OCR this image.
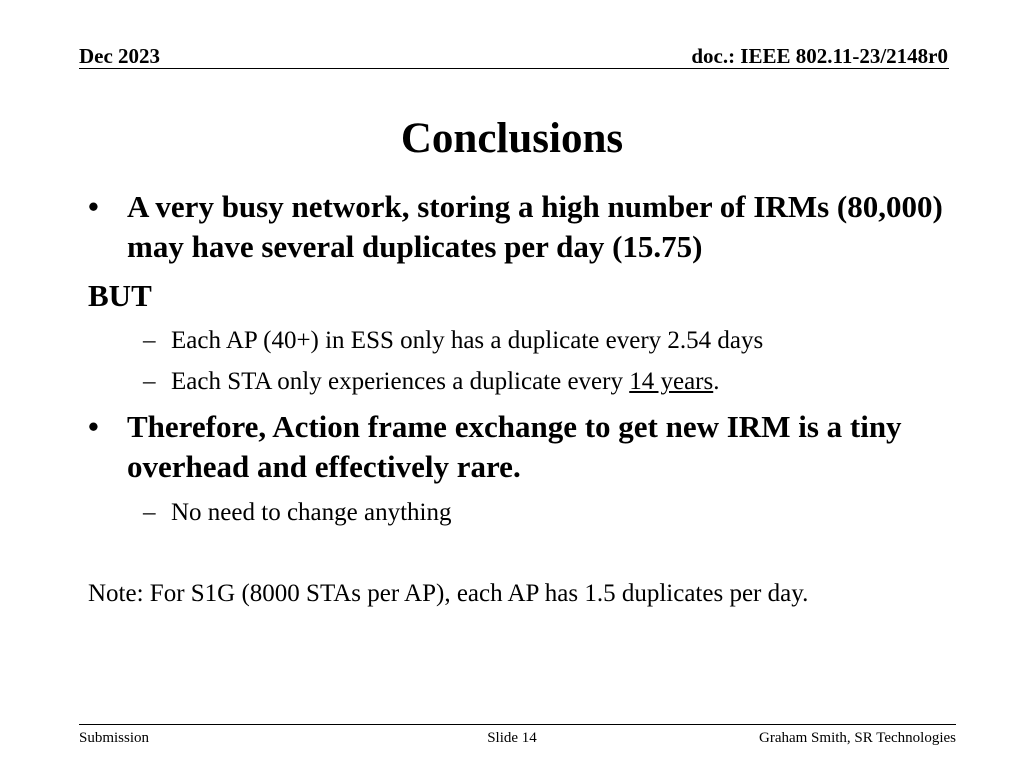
Dec 2023	doc.: IEEE 802.11-23/2148r0
Conclusions
• A very busy network, storing a high number of IRMs (80,000) may have several duplicates per day (15.75)
BUT
– Each AP (40+) in ESS only has a duplicate every 2.54 days
– Each STA only experiences a duplicate every 14 years.
• Therefore, Action frame exchange to get new IRM is a tiny overhead and effectively rare.
– No need to change anything
Note: For S1G (8000 STAs per AP), each AP has 1.5 duplicates per day.
Submission	Slide 14	Graham Smith, SR Technologies
